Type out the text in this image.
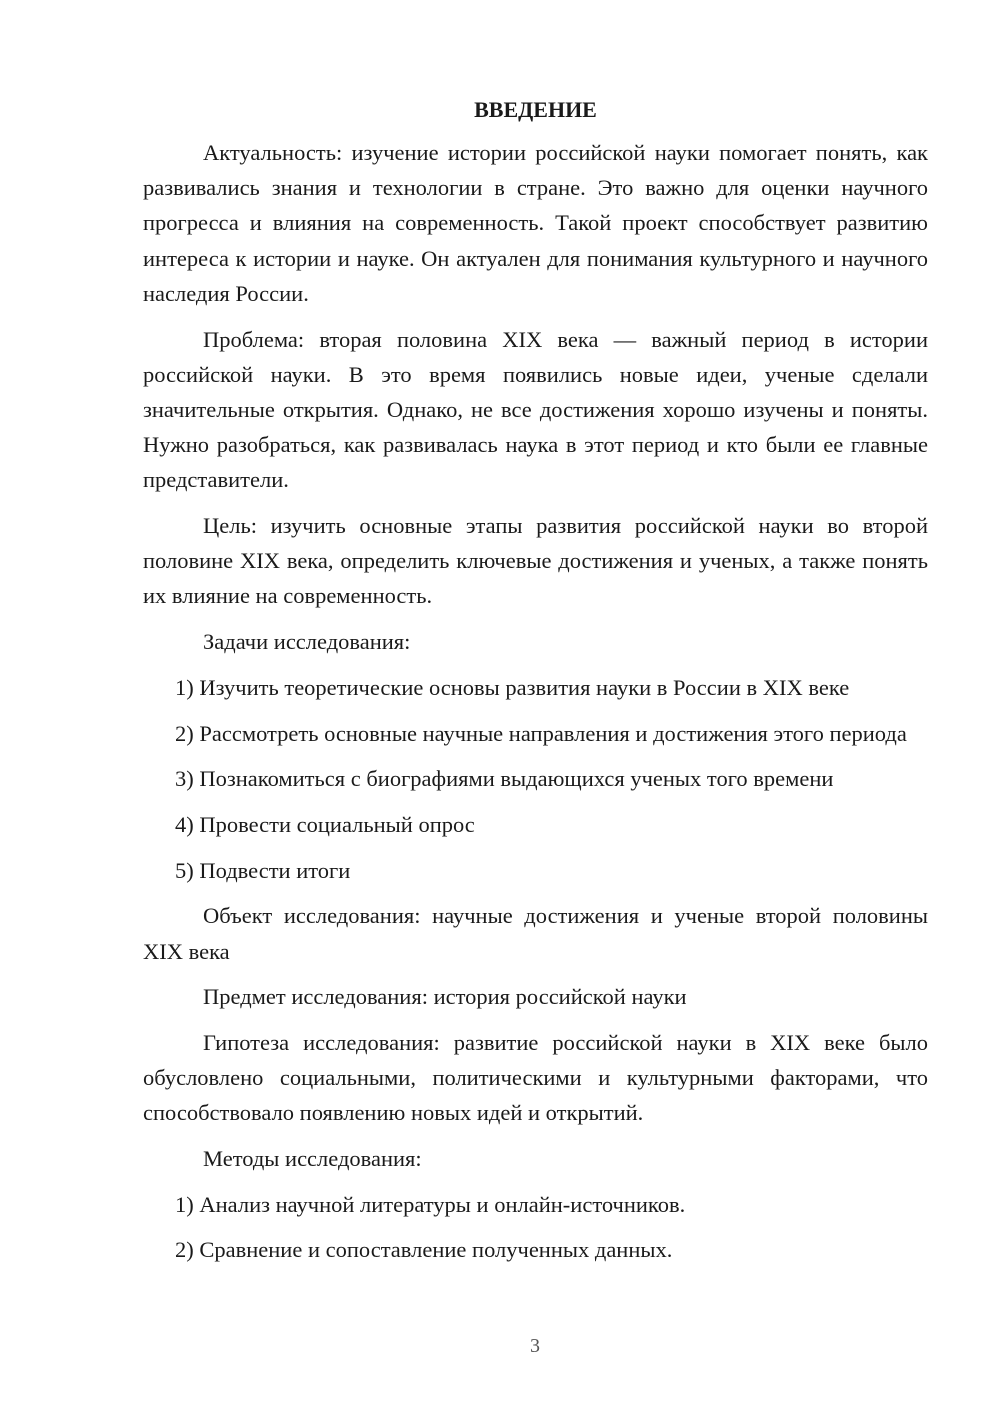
ВВЕДЕНИЕ

Актуальность: изучение истории российской науки помогает понять, как развивались знания и технологии в стране. Это важно для оценки научного прогресса и влияния на современность. Такой проект способствует развитию интереса к истории и науке. Он актуален для понимания культурного и научного наследия России.

Проблема: вторая половина XIX века — важный период в истории российской науки. В это время появились новые идеи, ученые сделали значительные открытия. Однако, не все достижения хорошо изучены и поняты. Нужно разобраться, как развивалась наука в этот период и кто были ее главные представители.

Цель: изучить основные этапы развития российской науки во второй половине XIX века, определить ключевые достижения и ученых, а также понять их влияние на современность.

Задачи исследования:

1) Изучить теоретические основы развития науки в России в XIX веке

2) Рассмотреть основные научные направления и достижения этого периода

3) Познакомиться с биографиями выдающихся ученых того времени

4) Провести социальный опрос

5) Подвести итоги

Объект исследования: научные достижения и ученые второй половины XIX века

Предмет исследования: история российской науки

Гипотеза исследования: развитие российской науки в XIX веке было обусловлено социальными, политическими и культурными факторами, что способствовало появлению новых идей и открытий.

Методы исследования:

1) Анализ научной литературы и онлайн-источников.

2) Сравнение и сопоставление полученных данных.

3
